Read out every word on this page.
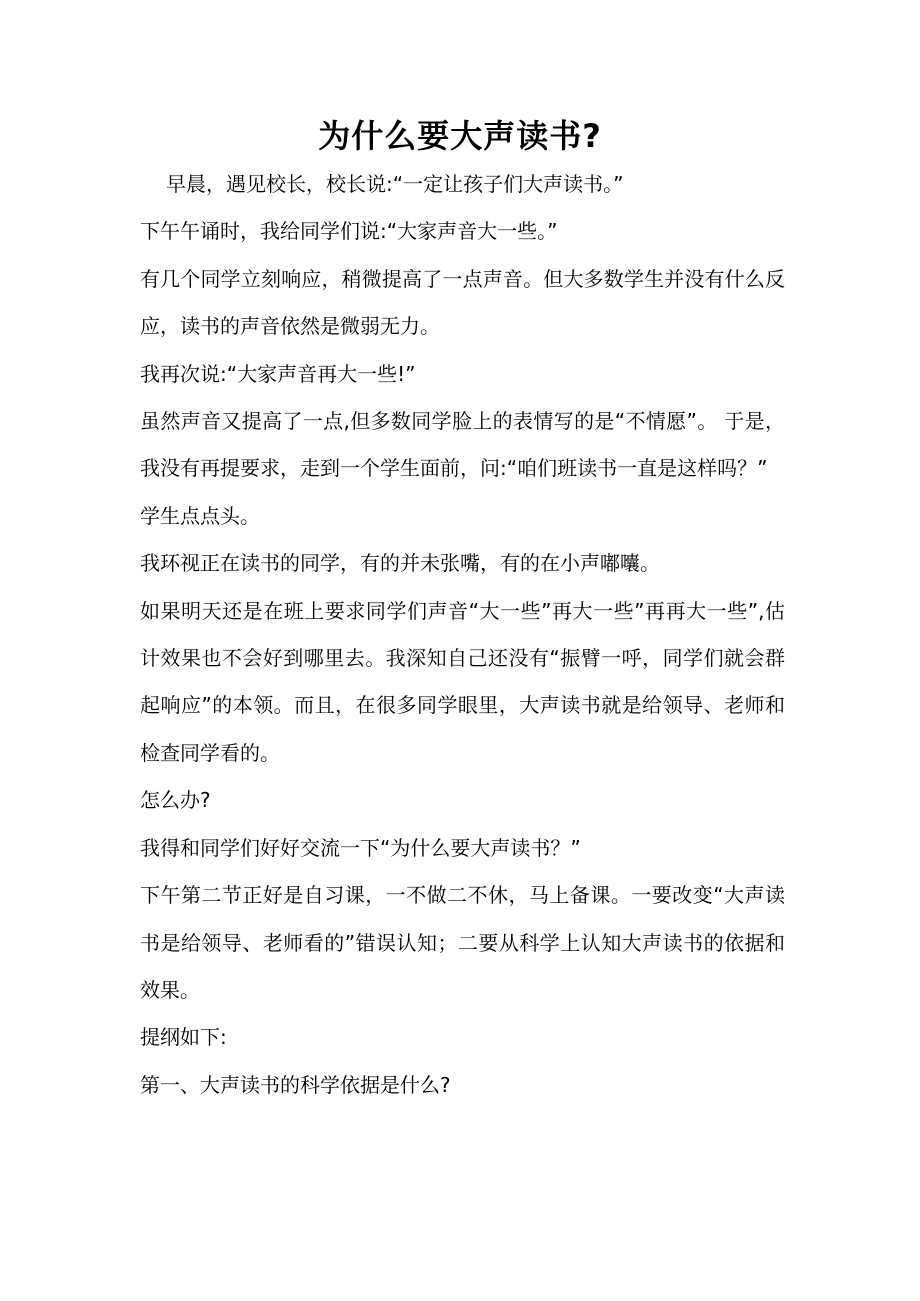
为什么要大声读书?

早晨，遇见校长，校长说:“一定让孩子们大声读书。”

下午午诵时，我给同学们说:“大家声音大一些。”

有几个同学立刻响应，稍微提高了一点声音。但大多数学生并没有什么反应，读书的声音依然是微弱无力。

我再次说:“大家声音再大一些!”

虽然声音又提高了一点,但多数同学脸上的表情写的是“不情愿”。 于是，我没有再提要求，走到一个学生面前，问:“咱们班读书一直是这样吗？”

学生点点头。

我环视正在读书的同学，有的并未张嘴，有的在小声嘟囔。

如果明天还是在班上要求同学们声音“大一些”再大一些”再再大一些”,估计效果也不会好到哪里去。我深知自己还没有“振臂一呼，同学们就会群起响应”的本领。而且，在很多同学眼里，大声读书就是给领导、老师和检查同学看的。

怎么办?

我得和同学们好好交流一下“为什么要大声读书？”

下午第二节正好是自习课，一不做二不休，马上备课。一要改变“大声读书是给领导、老师看的”错误认知；二要从科学上认知大声读书的依据和效果。

提纲如下:

第一、大声读书的科学依据是什么?
